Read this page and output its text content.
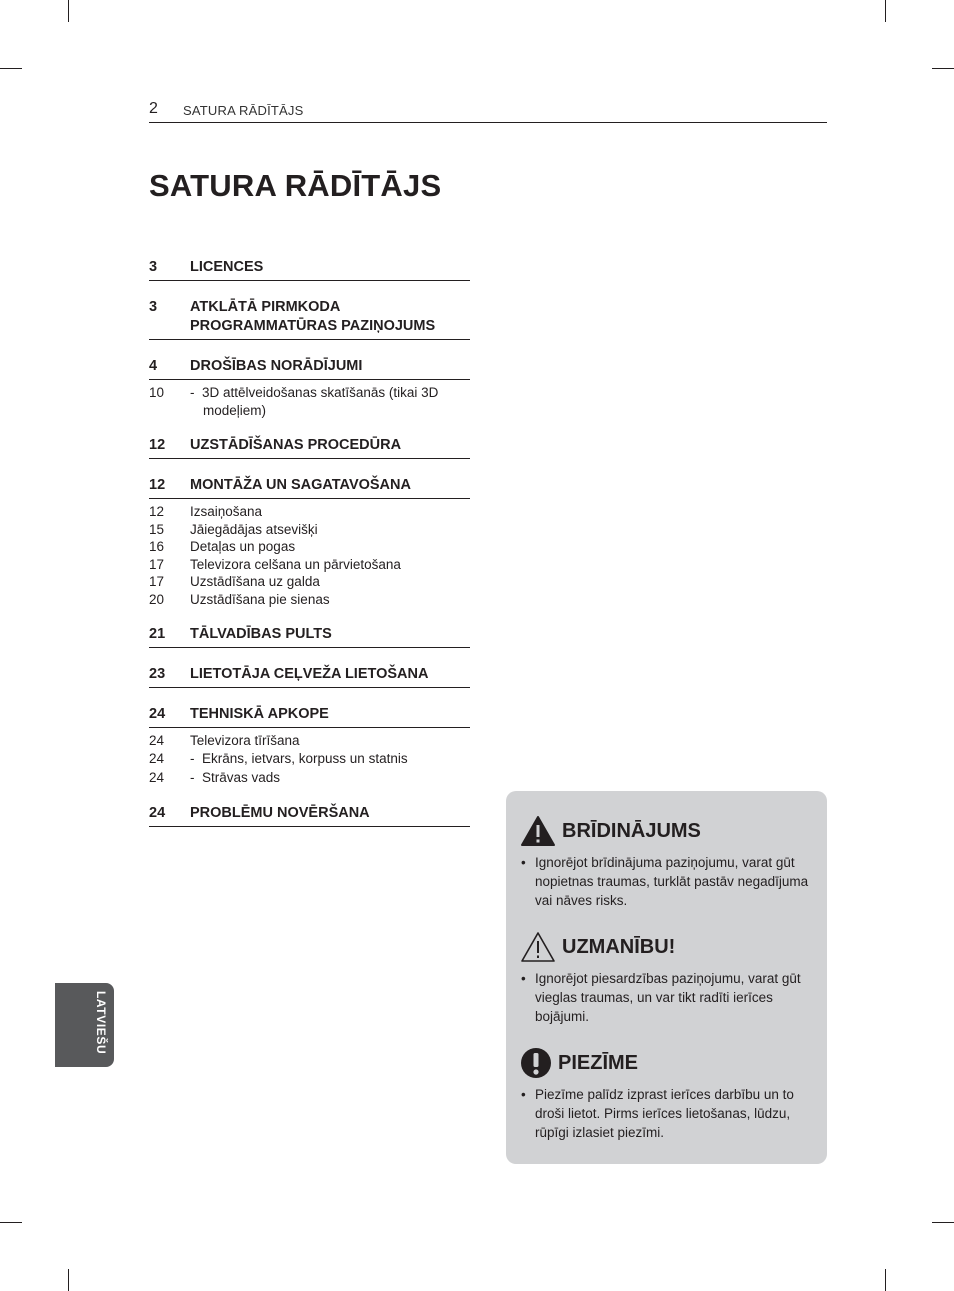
2 SATURA RĀDĪTĀJS
SATURA RĀDĪTĀJS
3	LICENCES
3	ATKLĀTĀ PIRMKODA PROGRAMMATŪRAS PAZIŅOJUMS
4	DROŠĪBAS NORĀDĪJUMI
10	- 3D attēlveidošanas skatīšanās (tikai 3D modeļiem)
12	UZSTĀDĪŠANAS PROCEDŪRA
12	MONTĀŽA UN SAGATAVOŠANA
12	Izsaiņošana
15	Jāiegādājas atsevišķi
16	Detaļas un pogas
17	Televizora celšana un pārvietošana
17	Uzstādīšana uz galda
20	Uzstādīšana pie sienas
21	TĀLVADĪBAS PULTS
23	LIETOTĀJA CEĻVEŽA LIETOŠANA
24	TEHNISKĀ APKOPE
24	Televizora tīrīšana
24	- Ekrāns, ietvars, korpuss un statnis
24	- Strāvas vads
24	PROBLĒMU NOVĒRŠANA
LATVIEŠU
BRĪDINĀJUMS

• Ignorējot brīdinājuma paziņojumu, varat gūt nopietnas traumas, turklāt pastāv negadījuma vai nāves risks.

UZMANĪBU!

• Ignorējot piesardzības paziņojumu, varat gūt vieglas traumas, un var tikt radīti ierīces bojājumi.

PIEZĪME

• Piezīme palīdz izprast ierīces darbību un to droši lietot. Pirms ierīces lietošanas, lūdzu, rūpīgi izlasiet piezīmi.
